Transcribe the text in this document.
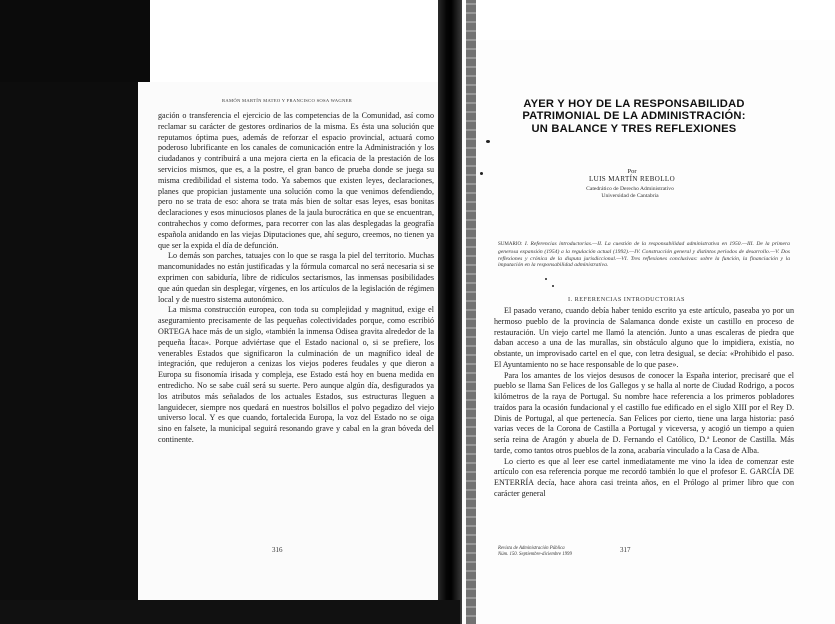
RAMÓN MARTÍN MATEO Y FRANCISCO SOSA WAGNER

gación o transferencia el ejercicio de las competencias de la Comunidad, así como reclamar su carácter de gestores ordinarios de la misma. Es ésta una solución que reputamos óptima pues, además de reforzar el espacio provincial, actuará como poderoso lubrificante en los canales de comunicación entre la Administración y los ciudadanos y contribuirá a una mejora cierta en la eficacia de la prestación de los servicios mismos, que es, a la postre, el gran banco de prueba donde se juega su misma credibilidad el sistema todo. Ya sabemos que existen leyes, declaraciones, planes que propician justamente una solución como la que venimos defendiendo, pero no se trata de eso: ahora se trata más bien de soltar esas leyes, esas bonitas declaraciones y esos minuciosos planes de la jaula burocrática en que se encuentran, contrahechos y como deformes, para recorrer con las alas desplegadas la geografía española anidando en las viejas Diputaciones que, ahí seguro, creemos, no tienen ya que ser la expida el día de defunción.

Lo demás son parches, tatuajes con lo que se rasga la piel del territorio. Muchas mancomunidades no están justificadas y la fórmula comarcal no será necesaria si se exprimen con sabiduría, libre de ridículos sectarismos, las inmensas posibilidades que aún quedan sin desplegar, vírgenes, en los artículos de la legislación de régimen local y de nuestro sistema autonómico.

La misma construcción europea, con toda su complejidad y magnitud, exige el aseguramiento precisamente de las pequeñas colectividades porque, como escribió ORTEGA hace más de un siglo, «también la inmensa Odisea gravita alrededor de la pequeña Ítaca». Porque adviértase que el Estado nacional o, si se prefiere, los venerables Estados que significaron la culminación de un magnífico ideal de integración, que redujeron a cenizas los viejos poderes feudales y que dieron a Europa su fisonomía irisada y compleja, ese Estado está hoy en buena medida en entredicho. No se sabe cuál será su suerte. Pero aunque algún día, desfigurados ya los atributos más señalados de los actuales Estados, sus estructuras lleguen a languidecer, siempre nos quedará en nuestros bolsillos el polvo pegadizo del viejo universo local. Y es que cuando, fortalecida Europa, la voz del Estado no se oiga sino en falsete, la municipal seguirá resonando grave y cabal en la gran bóveda del continente.

316
AYER Y HOY DE LA RESPONSABILIDAD
PATRIMONIAL DE LA ADMINISTRACIÓN:
UN BALANCE Y TRES REFLEXIONES
Por
LUIS MARTÍN REBOLLO
Catedrático de Derecho Administrativo
Universidad de Cantabria
SUMARIO: I. Referencias introductorias.—II. La cuestión de la responsabilidad administrativa en 1950.—III. De la primera generosa expansión (1954) a la regulación actual (1992).—IV. Construcción general y distintos periodos de desarrollo.—V. Dos reflexiones y crónica de la disputa jurisdiccional.—VI. Tres reflexiones conclusivas: sobre la función, la financiación y la imputación en la responsabilidad administrativa.
I. REFERENCIAS INTRODUCTORIAS

El pasado verano, cuando debía haber tenido escrito ya este artículo, paseaba yo por un hermoso pueblo de la provincia de Salamanca donde existe un castillo en proceso de restauración. Un viejo cartel me llamó la atención. Junto a unas escaleras de piedra que daban acceso a una de las murallas, sin obstáculo alguno que lo impidiera, existía, no obstante, un improvisado cartel en el que, con letra desigual, se decía: «Prohibido el paso. El Ayuntamiento no se hace responsable de lo que pase».

Para los amantes de los viejos desusos de conocer la España interior, precisaré que el pueblo se llama San Felices de los Gallegos y se halla al norte de Ciudad Rodrigo, a pocos kilómetros de la raya de Portugal. Su nombre hace referencia a los primeros pobladores traídos para la ocasión fundacional y el castillo fue edificado en el siglo XIII por el Rey D. Dinis de Portugal, al que pertenecía. San Felices por cierto, tiene una larga historia: pasó varias veces de la Corona de Castilla a Portugal y viceversa, y acogió un tiempo a quien sería reina de Aragón y abuela de D. Fernando el Católico, D.ª Leonor de Castilla. Más tarde, como tantos otros pueblos de la zona, acabaría vinculado a la Casa de Alba.

Lo cierto es que al leer ese cartel inmediatamente me vino la idea de comenzar este artículo con esa referencia porque me recordó también lo que el profesor E. GARCÍA DE ENTERRÍA decía, hace ahora casi treinta años, en el Prólogo al primer libro que con carácter general

Revista de Administración Pública
Núm. 150. Septiembre-diciembre 1999
317
